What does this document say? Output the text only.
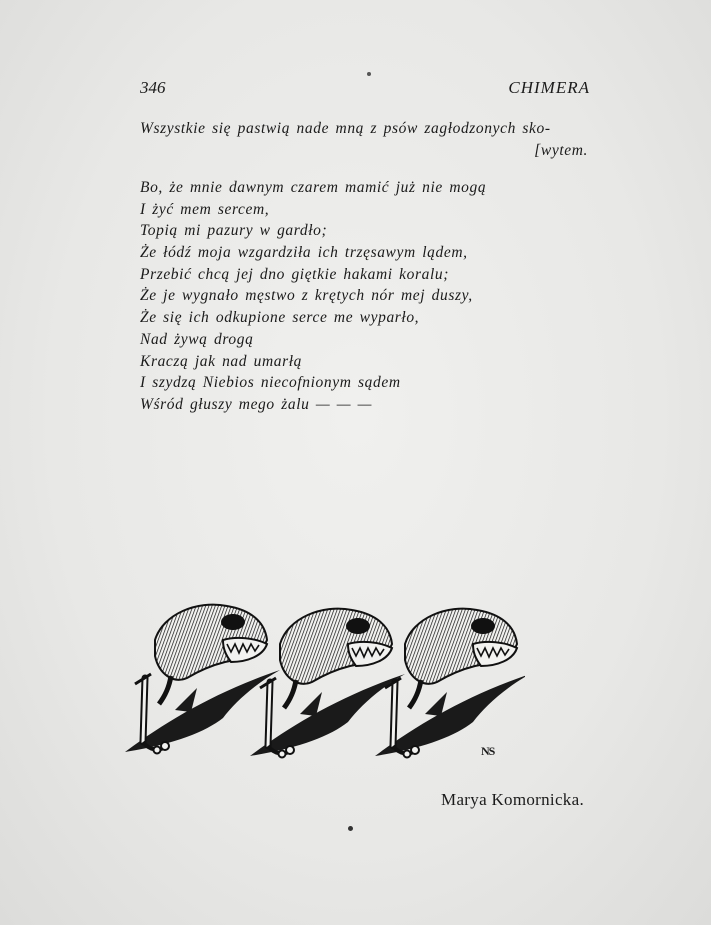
346	CHIMERA
Wszystkie się pastwią nade mną z psów zagłodzonych sko-
[wytem.
Bo, że mnie dawnym czarem mamić już nie mogą
I żyć mem sercem,
Topią mi pazury w gardło;
Że łódź moja wzgardziła ich trzęsawym lądem,
Przebić chcą jej dno giętkie hakami koralu;
Że je wygnało męstwo z krętych nór mej duszy,
Że się ich odkupione serce me wyparło,
Nad żywą drogą
Kraczą jak nad umarłą
I szydzą Niebios niecofnionym sądem
Wśród głuszy mego żalu — — —
NS
Marya Komornicka.
